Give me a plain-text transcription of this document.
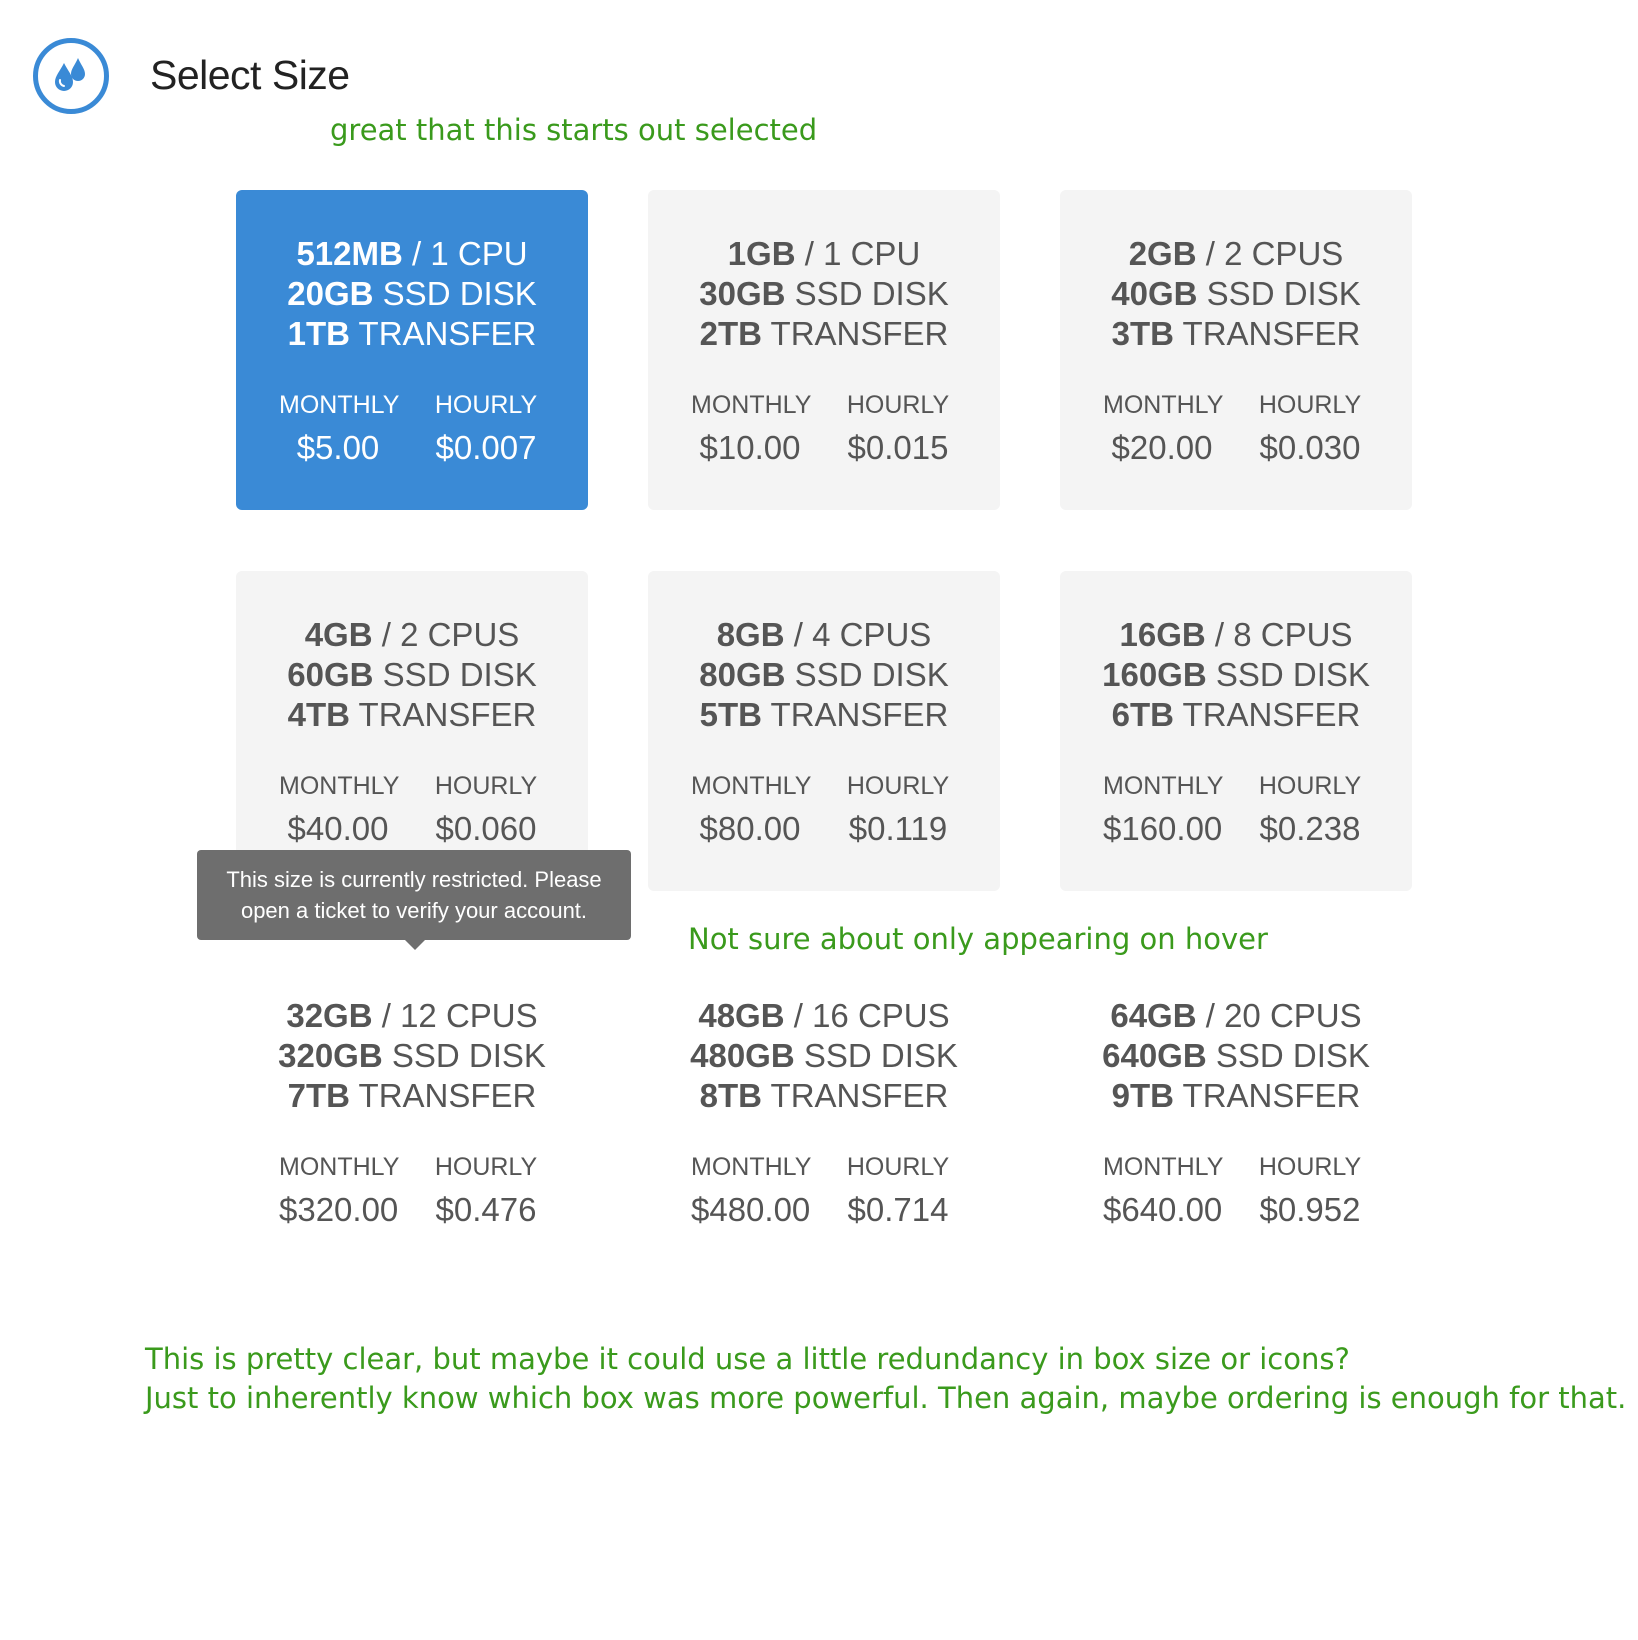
Select Size
great that this starts out selected
512MB / 1 CPU
20GB SSD DISK
1TB TRANSFER
MONTHLY
$5.00
HOURLY
$0.007
1GB / 1 CPU
30GB SSD DISK
2TB TRANSFER
MONTHLY
$10.00
HOURLY
$0.015
2GB / 2 CPUS
40GB SSD DISK
3TB TRANSFER
MONTHLY
$20.00
HOURLY
$0.030
4GB / 2 CPUS
60GB SSD DISK
4TB TRANSFER
MONTHLY
$40.00
HOURLY
$0.060
8GB / 4 CPUS
80GB SSD DISK
5TB TRANSFER
MONTHLY
$80.00
HOURLY
$0.119
16GB / 8 CPUS
160GB SSD DISK
6TB TRANSFER
MONTHLY
$160.00
HOURLY
$0.238
32GB / 12 CPUS
320GB SSD DISK
7TB TRANSFER
MONTHLY
$320.00
HOURLY
$0.476
48GB / 16 CPUS
480GB SSD DISK
8TB TRANSFER
MONTHLY
$480.00
HOURLY
$0.714
64GB / 20 CPUS
640GB SSD DISK
9TB TRANSFER
MONTHLY
$640.00
HOURLY
$0.952
This size is currently restricted. Please
open a ticket to verify your account.
Not sure about only appearing on hover
This is pretty clear, but maybe it could use a little redundancy in box size or icons?
Just to inherently know which box was more powerful. Then again, maybe ordering is enough for that.
